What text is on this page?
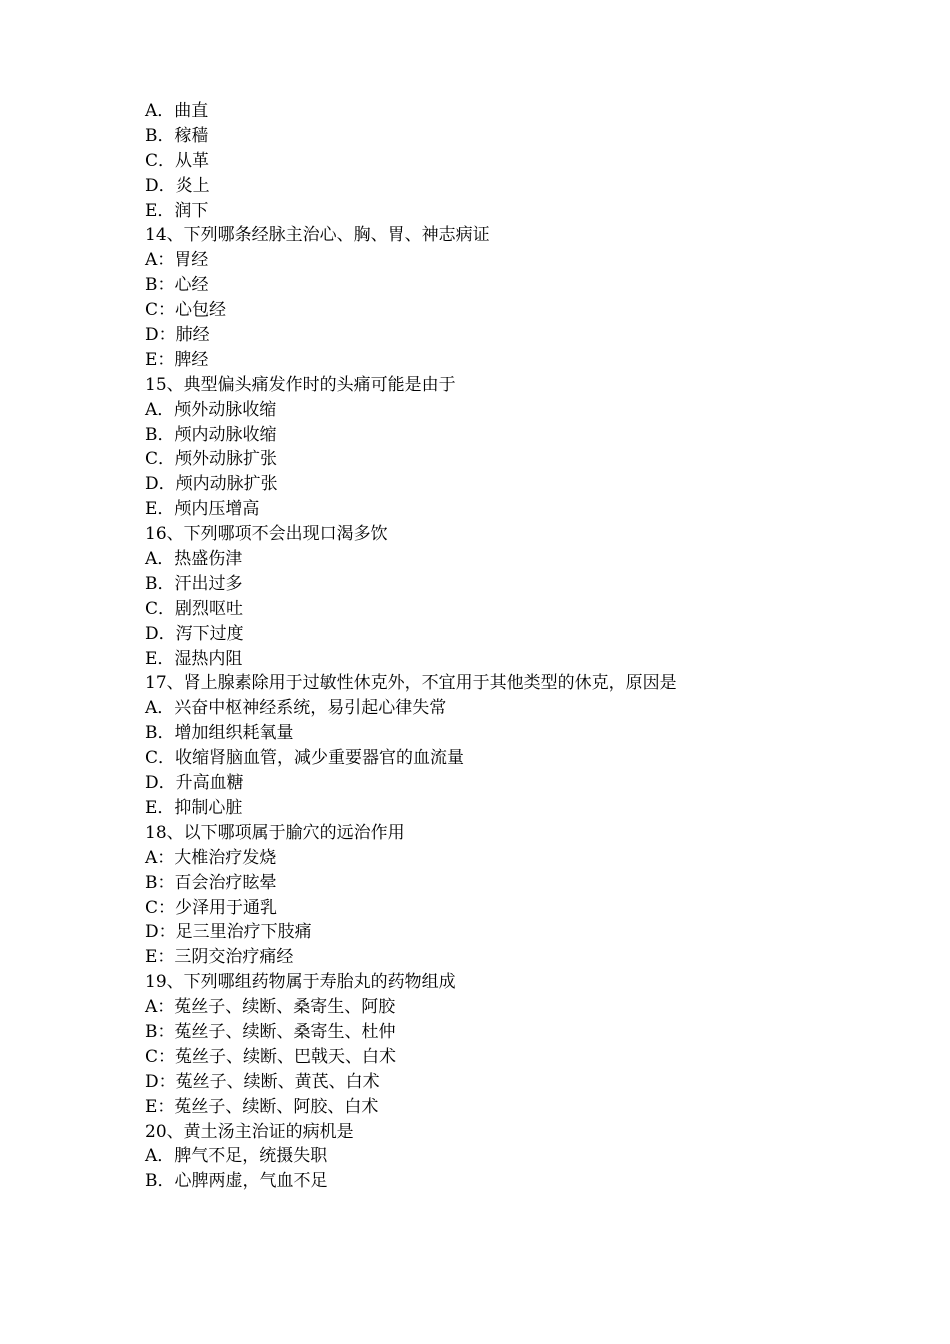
A．曲直
B．稼穑
C．从革
D．炎上
E．润下
14、下列哪条经脉主治心、胸、胃、神志病证
A：胃经
B：心经
C：心包经
D：肺经
E：脾经
15、典型偏头痛发作时的头痛可能是由于
A．颅外动脉收缩
B．颅内动脉收缩
C．颅外动脉扩张
D．颅内动脉扩张
E．颅内压增高
16、下列哪项不会出现口渴多饮
A．热盛伤津
B．汗出过多
C．剧烈呕吐
D．泻下过度
E．湿热内阻
17、肾上腺素除用于过敏性休克外，不宜用于其他类型的休克，原因是
A．兴奋中枢神经系统，易引起心律失常
B．增加组织耗氧量
C．收缩肾脑血管，减少重要器官的血流量
D．升高血糖
E．抑制心脏
18、以下哪项属于腧穴的远治作用
A：大椎治疗发烧
B：百会治疗眩晕
C：少泽用于通乳
D：足三里治疗下肢痛
E：三阴交治疗痛经
19、下列哪组药物属于寿胎丸的药物组成
A：菟丝子、续断、桑寄生、阿胶
B：菟丝子、续断、桑寄生、杜仲
C：菟丝子、续断、巴戟天、白术
D：菟丝子、续断、黄芪、白术
E：菟丝子、续断、阿胶、白术
20、黄土汤主治证的病机是
A．脾气不足，统摄失职
B．心脾两虚，气血不足
